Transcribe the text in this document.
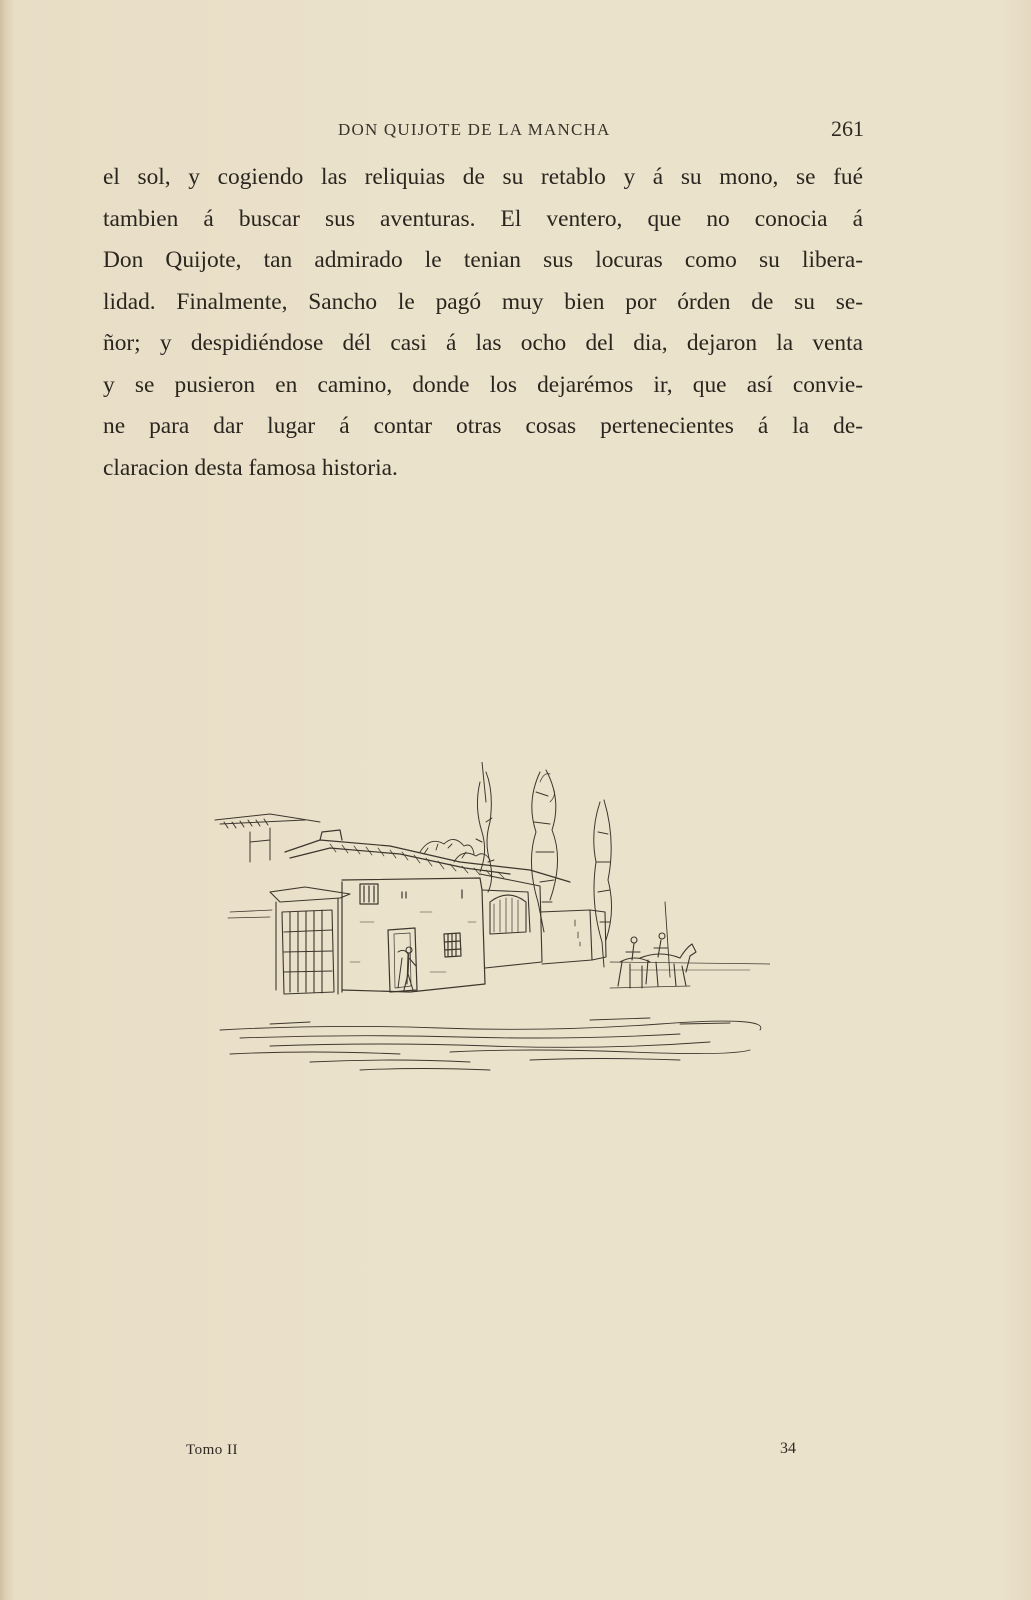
DON QUIJOTE DE LA MANCHA	261
el sol, y cogiendo las reliquias de su retablo y á su mono, se fué
tambien á buscar sus aventuras. El ventero, que no conocia á
Don Quijote, tan admirado le tenian sus locuras como su libera-
lidad. Finalmente, Sancho le pagó muy bien por órden de su se-
ñor; y despidiéndose dél casi á las ocho del dia, dejaron la venta
y se pusieron en camino, donde los dejarémos ir, que así convie-
ne para dar lugar á contar otras cosas pertenecientes á la de-
claracion desta famosa historia.
Tomo II	34
